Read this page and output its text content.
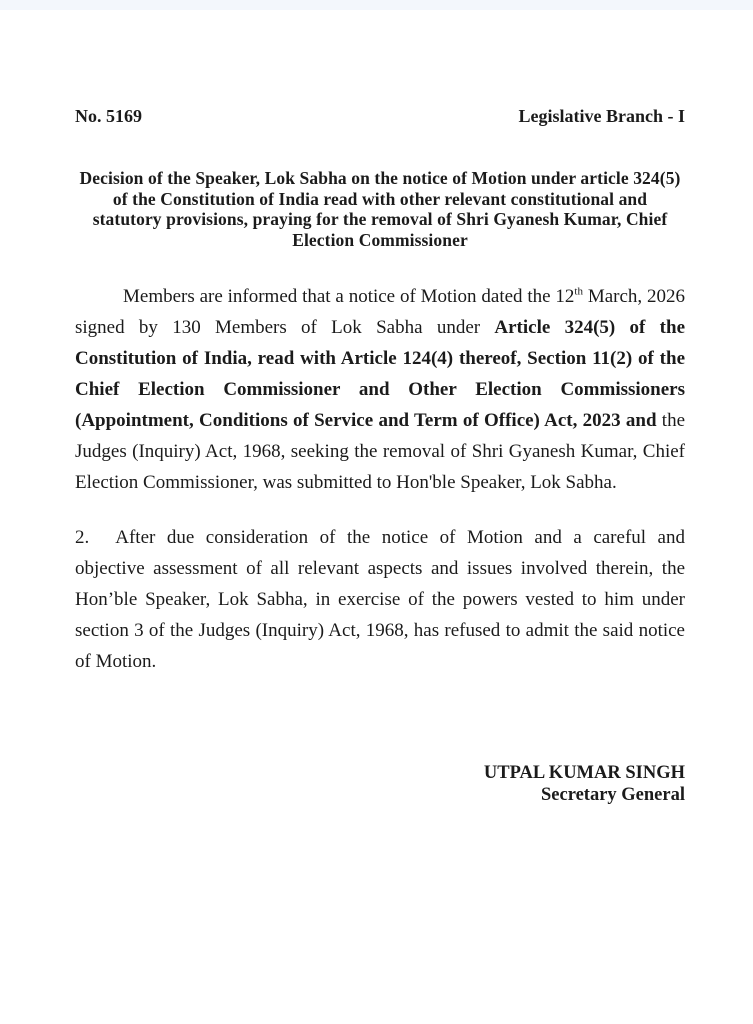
No. 5169	Legislative Branch - I
Decision of the Speaker, Lok Sabha on the notice of Motion under article 324(5)
of the Constitution of India read with other relevant constitutional and
statutory provisions, praying for the removal of Shri Gyanesh Kumar, Chief
Election Commissioner

Members are informed that a notice of Motion dated the 12th March, 2026 signed by 130 Members of Lok Sabha under Article 324(5) of the Constitution of India, read with Article 124(4) thereof, Section 11(2) of the Chief Election Commissioner and Other Election Commissioners (Appointment, Conditions of Service and Term of Office) Act, 2023 and the Judges (Inquiry) Act, 1968, seeking the removal of Shri Gyanesh Kumar, Chief Election Commissioner, was submitted to Hon'ble Speaker, Lok Sabha.

2. After due consideration of the notice of Motion and a careful and objective assessment of all relevant aspects and issues involved therein, the Hon’ble Speaker, Lok Sabha, in exercise of the powers vested to him under section 3 of the Judges (Inquiry) Act, 1968, has refused to admit the said notice of Motion.

UTPAL KUMAR SINGH
Secretary General
